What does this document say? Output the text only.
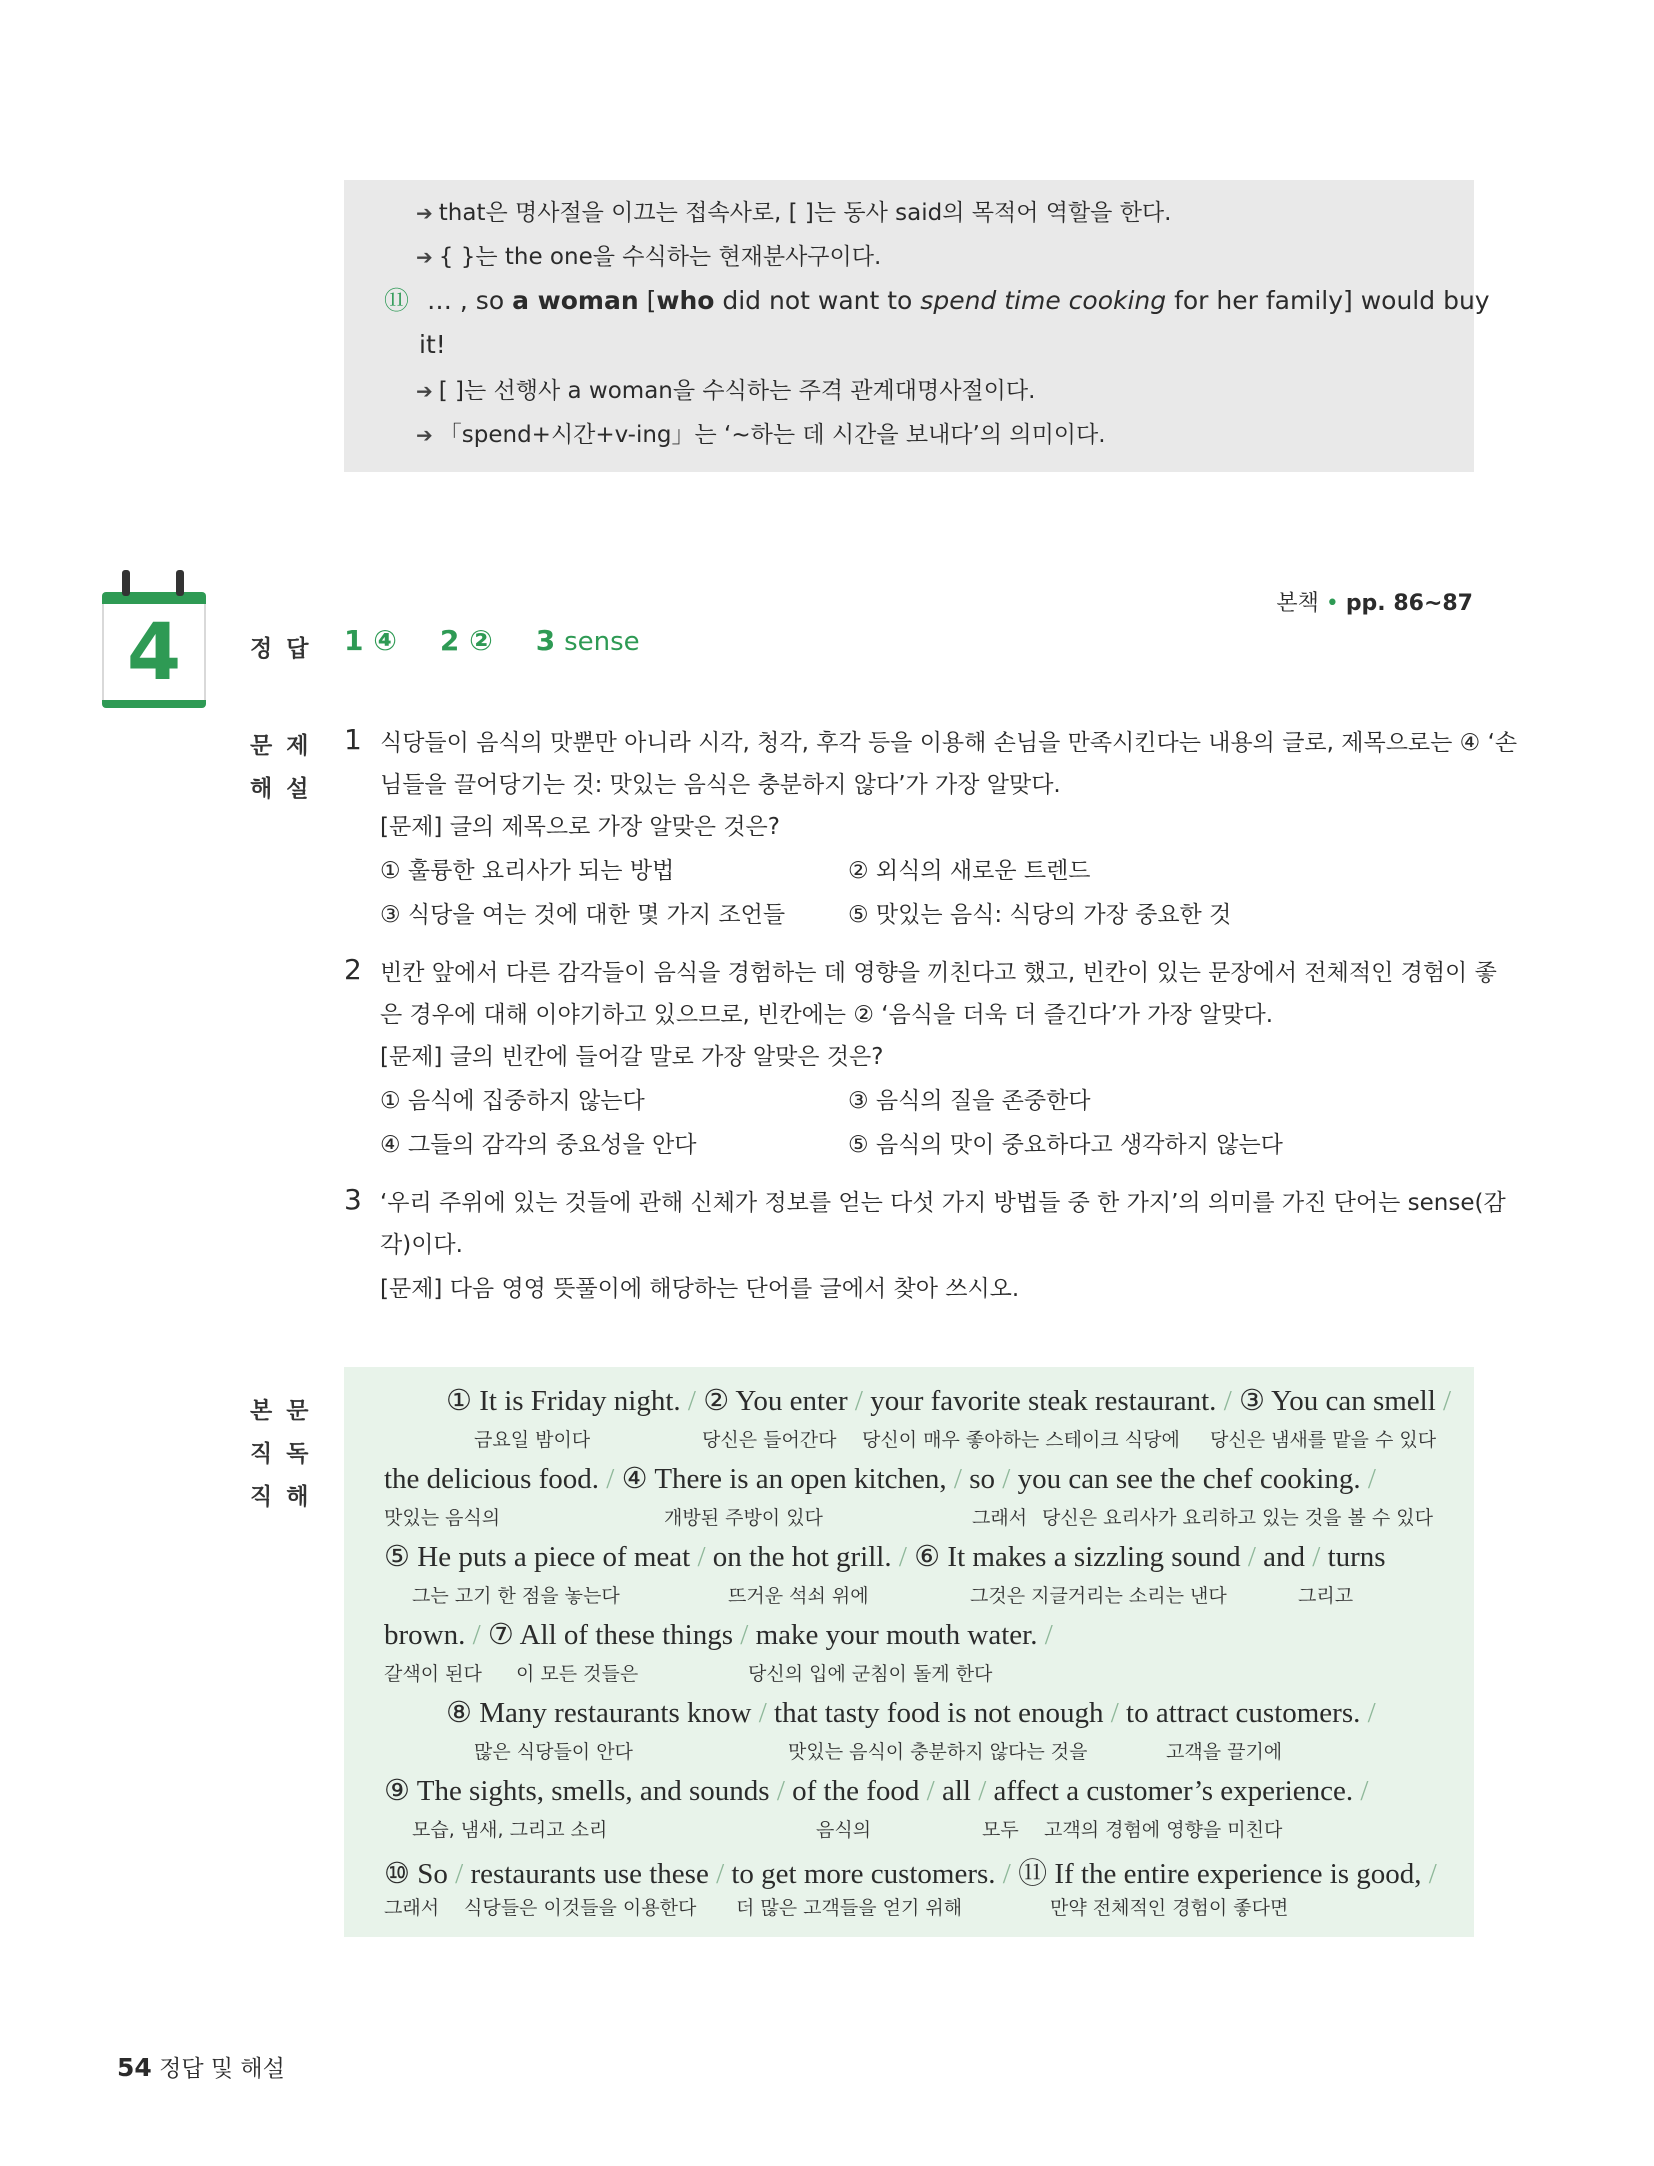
➔ that은 명사절을 이끄는 접속사로, [ ]는 동사 said의 목적어 역할을 한다.
➔ { }는 the one을 수식하는 현재분사구이다.
⑪ … , so a woman [who did not want to spend time cooking for her family] would buy
it!
➔ [ ]는 선행사 a woman을 수식하는 주격 관계대명사절이다.
➔ 「spend+시간+v-ing」는 ‘~하는 데 시간을 보내다’의 의미이다.
4
본책 • pp. 86~87
정답 1 ④ 2 ② 3 sense
문제
해설
1 식당들이 음식의 맛뿐만 아니라 시각, 청각, 후각 등을 이용해 손님을 만족시킨다는 내용의 글로, 제목으로는 ④ ‘손
님들을 끌어당기는 것: 맛있는 음식은 충분하지 않다’가 가장 알맞다.
[문제] 글의 제목으로 가장 알맞은 것은?
① 훌륭한 요리사가 되는 방법	② 외식의 새로운 트렌드
③ 식당을 여는 것에 대한 몇 가지 조언들	⑤ 맛있는 음식: 식당의 가장 중요한 것
2 빈칸 앞에서 다른 감각들이 음식을 경험하는 데 영향을 끼친다고 했고, 빈칸이 있는 문장에서 전체적인 경험이 좋
은 경우에 대해 이야기하고 있으므로, 빈칸에는 ② ‘음식을 더욱 더 즐긴다’가 가장 알맞다.
[문제] 글의 빈칸에 들어갈 말로 가장 알맞은 것은?
① 음식에 집중하지 않는다	③ 음식의 질을 존중한다
④ 그들의 감각의 중요성을 안다	⑤ 음식의 맛이 중요하다고 생각하지 않는다
3 ‘우리 주위에 있는 것들에 관해 신체가 정보를 얻는 다섯 가지 방법들 중 한 가지’의 의미를 가진 단어는 sense(감
각)이다.
[문제] 다음 영영 뜻풀이에 해당하는 단어를 글에서 찾아 쓰시오.
본문
직독
직해
① It is Friday night. / ② You enter / your favorite steak restaurant. / ③ You can smell /
금요일 밤이다	당신은 들어간다 당신이 매우 좋아하는 스테이크 식당에 당신은 냄새를 맡을 수 있다
the delicious food. / ④ There is an open kitchen, / so / you can see the chef cooking. /
맛있는 음식의	개방된 주방이 있다	그래서 당신은 요리사가 요리하고 있는 것을 볼 수 있다
⑤ He puts a piece of meat / on the hot grill. / ⑥ It makes a sizzling sound / and / turns
그는 고기 한 점을 놓는다	뜨거운 석쇠 위에	그것은 지글거리는 소리는 낸다	그리고
brown. / ⑦ All of these things / make your mouth water. /
갈색이 된다 이 모든 것들은	당신의 입에 군침이 돌게 한다
⑧ Many restaurants know / that tasty food is not enough / to attract customers. /
많은 식당들이 안다	맛있는 음식이 충분하지 않다는 것을	고객을 끌기에
⑨ The sights, smells, and sounds / of the food / all / affect a customer’s experience. /
모습, 냄새, 그리고 소리	음식의	모두 고객의 경험에 영향을 미친다
⑩ So / restaurants use these / to get more customers. / ⑪ If the entire experience is good, /
그래서 식당들은 이것들을 이용한다 더 많은 고객들을 얻기 위해	만약 전체적인 경험이 좋다면
54 정답 및 해설
